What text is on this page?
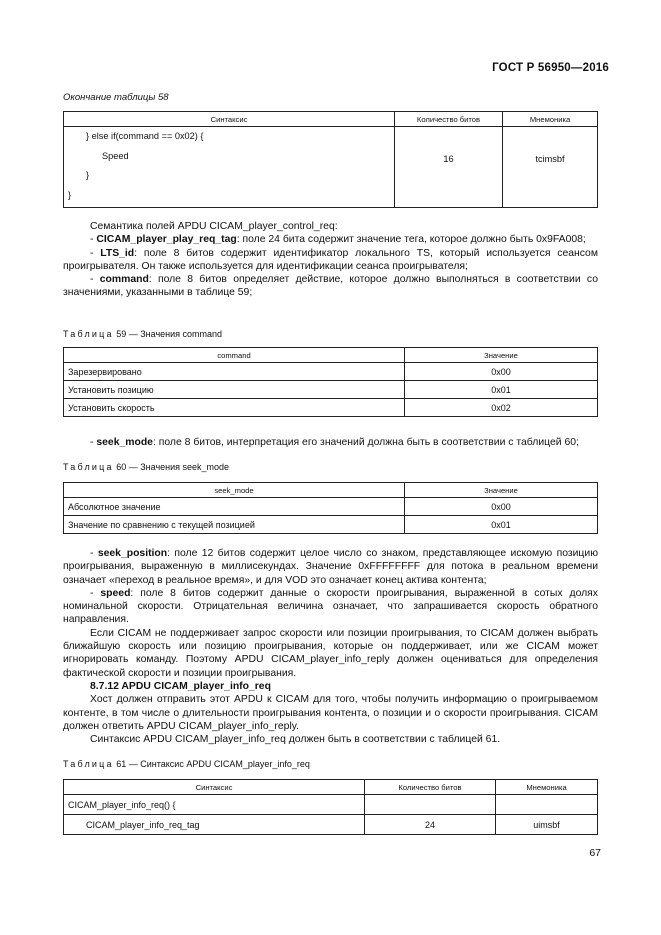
ГОСТ Р 56950—2016
Окончание таблицы 58
Синтаксис	Количество битов	Мнемоника

} else if(command == 0x02) {
Speed
}
}	16	tcimsbf

Семантика полей APDU CICAM_player_control_req:

- CICAM_player_play_req_tag: поле 24 бита содержит значение тега, которое должно быть 0x9FA008;

- LTS_id: поле 8 битов содержит идентификатор локального TS, который используется сеансом проигрывателя. Он также используется для идентификации сеанса проигрывателя;

- command: поле 8 битов определяет действие, которое должно выполняться в соответствии со значениями, указанными в таблице 59;

Таблица 59 — Значения command
command	Значение
Зарезервировано	0x00
Установить позицию	0x01
Установить скорость	0x02

- seek_mode: поле 8 битов, интерпретация его значений должна быть в соответствии с таблицей 60;

Таблица 60 — Значения seek_mode
seek_mode	Значение
Абсолютное значение	0x00
Значение по сравнению с текущей позицией	0x01

- seek_position: поле 12 битов содержит целое число со знаком, представляющее искомую позицию проигрывания, выраженную в миллисекундах. Значение 0xFFFFFFFF для потока в реальном времени означает «переход в реальное время», и для VOD это означает конец актива контента;

- speed: поле 8 битов содержит данные о скорости проигрывания, выраженной в сотых долях номинальной скорости. Отрицательная величина означает, что запрашивается скорость обратного направления.

Если CICAM не поддерживает запрос скорости или позиции проигрывания, то CICAM должен выбрать ближайшую скорость или позицию проигрывания, которые он поддерживает, или же CICAM может игнорировать команду. Поэтому APDU CICAM_player_info_reply должен оцениваться для определения фактической скорости и позиции проигрывания.

8.7.12 APDU CICAM_player_info_req

Хост должен отправить этот APDU к CICAM для того, чтобы получить информацию о проигрываемом контенте, в том числе о длительности проигрывания контента, о позиции и о скорости проигрывания. CICAM должен ответить APDU CICAM_player_info_reply.

Синтаксис APDU CICAM_player_info_req должен быть в соответствии с таблицей 61.

Таблица 61 — Синтаксис APDU CICAM_player_info_req
Синтаксис	Количество битов	Мнемоника
CICAM_player_info_req() {		
CICAM_player_info_req_tag	24	uimsbf
67
